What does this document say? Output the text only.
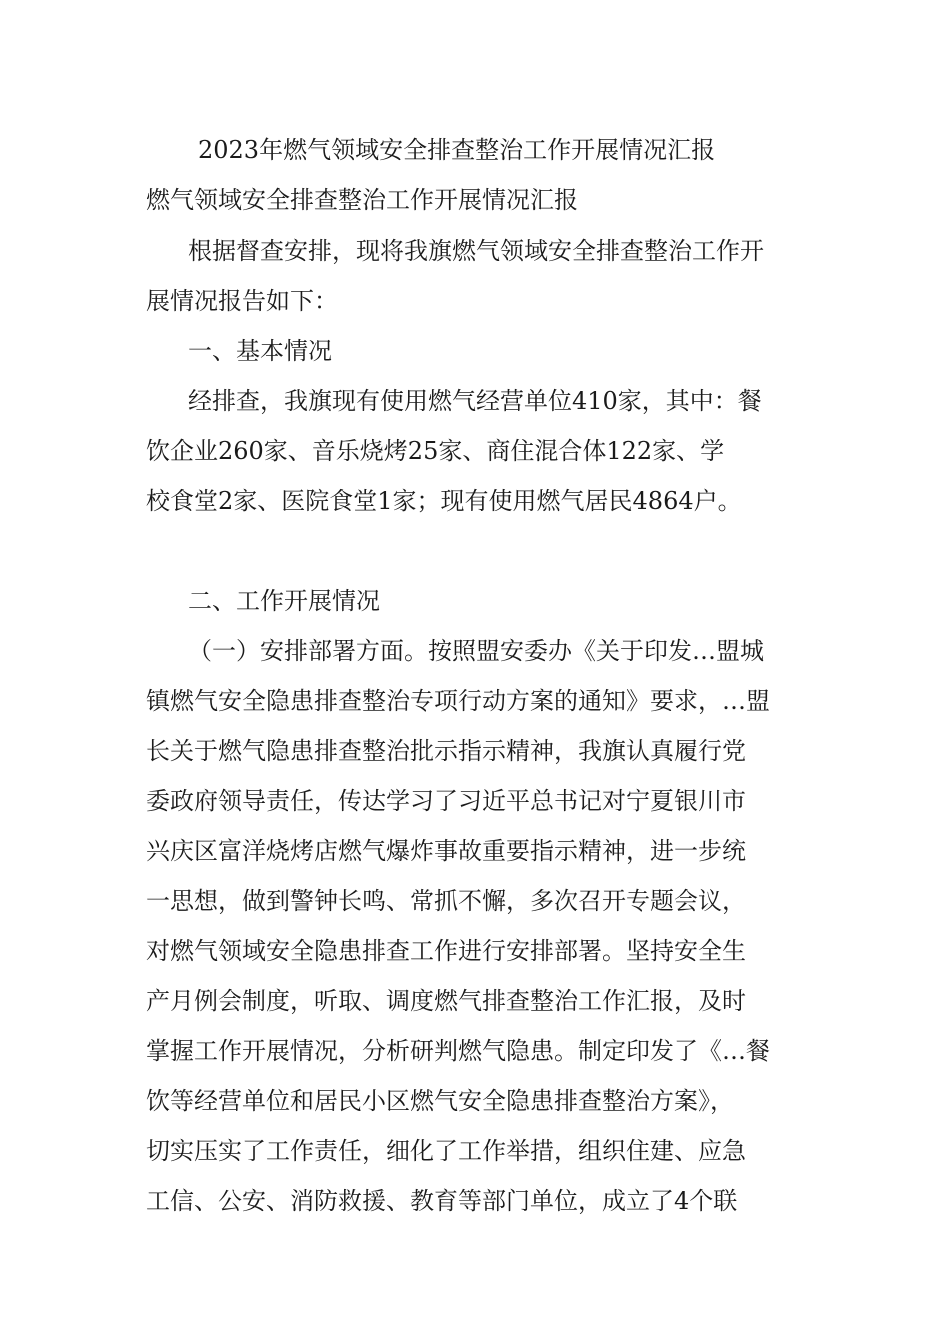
2023年燃气领域安全排查整治工作开展情况汇报
燃气领域安全排查整治工作开展情况汇报
根据督查安排，现将我旗燃气领域安全排查整治工作开
展情况报告如下：
一、基本情况
经排查，我旗现有使用燃气经营单位410家，其中：餐
饮企业260家、音乐烧烤25家、商住混合体122家、学
校食堂2家、医院食堂1家；现有使用燃气居民4864户。
二、工作开展情况
（一）安排部署方面。按照盟安委办《关于印发…盟城
镇燃气安全隐患排查整治专项行动方案的通知》要求，…盟
长关于燃气隐患排查整治批示指示精神，我旗认真履行党
委政府领导责任，传达学习了习近平总书记对宁夏银川市
兴庆区富洋烧烤店燃气爆炸事故重要指示精神，进一步统
一思想，做到警钟长鸣、常抓不懈，多次召开专题会议，
对燃气领域安全隐患排查工作进行安排部署。坚持安全生
产月例会制度，听取、调度燃气排查整治工作汇报，及时
掌握工作开展情况，分析研判燃气隐患。制定印发了《…餐
饮等经营单位和居民小区燃气安全隐患排查整治方案》，
切实压实了工作责任，细化了工作举措，组织住建、应急
工信、公安、消防救援、教育等部门单位，成立了4个联
